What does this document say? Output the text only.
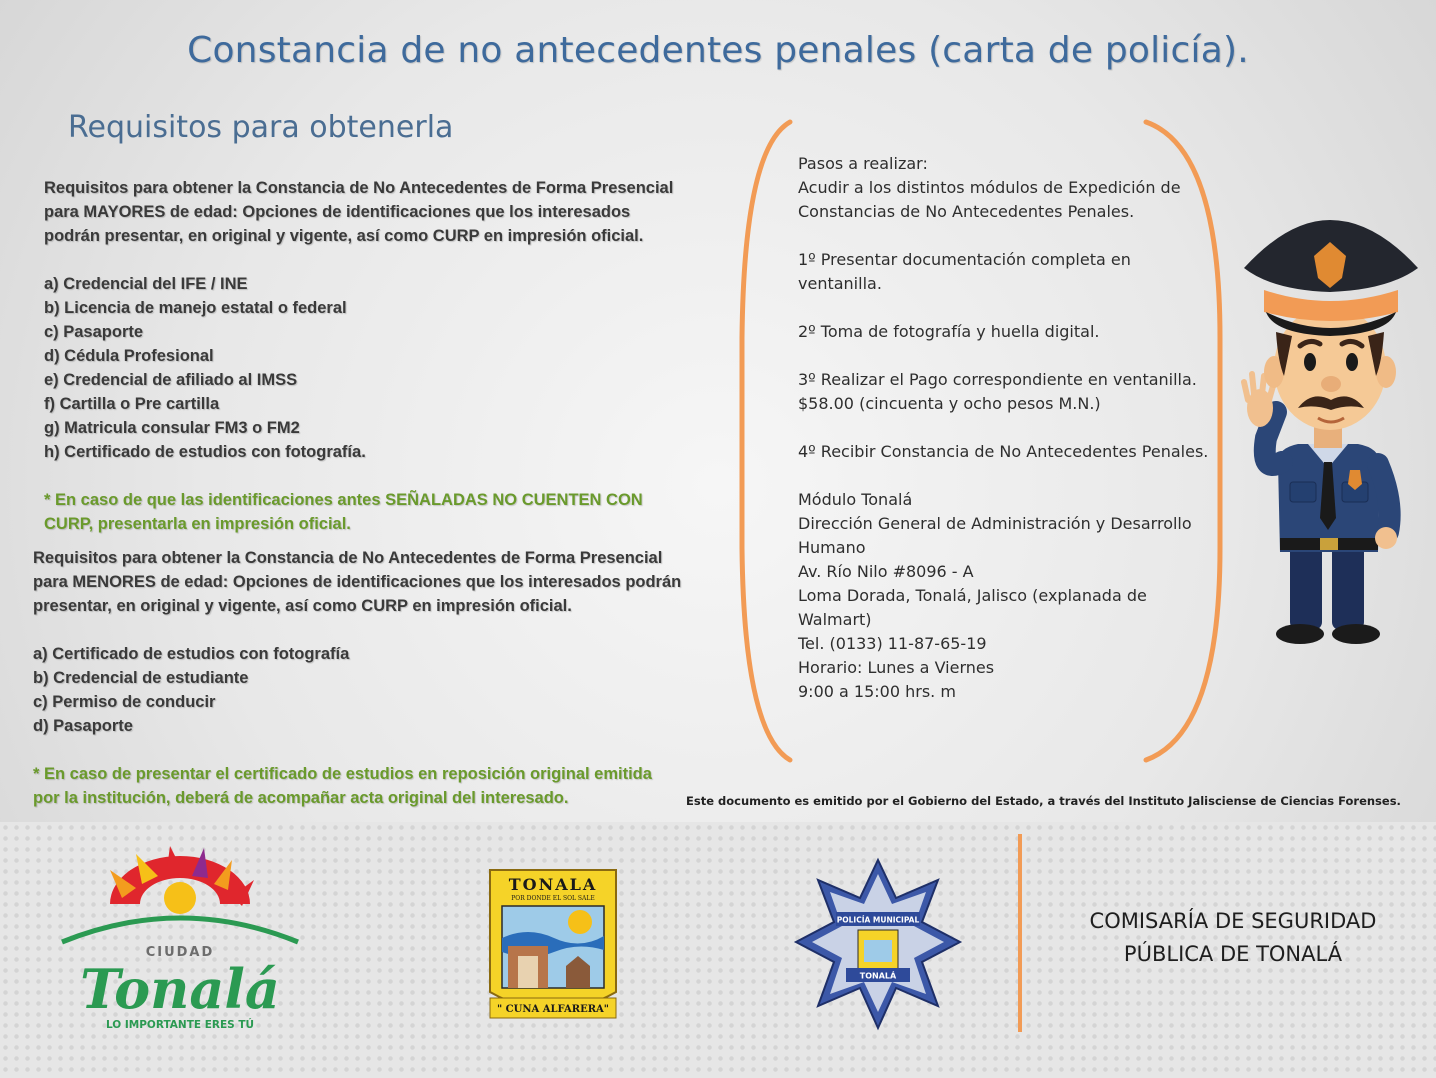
Constancia de no antecedentes penales (carta de policía).
Requisitos para obtenerla

Requisitos para obtener la Constancia de No Antecedentes de Forma Presencial

para MAYORES de edad: Opciones de identificaciones que los interesados

podrán presentar, en original y vigente, así como CURP en impresión oficial.

a) Credencial del IFE / INE

b) Licencia de manejo estatal o federal

c) Pasaporte

d) Cédula Profesional

e) Credencial de afiliado al IMSS

f) Cartilla o Pre cartilla

g) Matricula consular FM3 o FM2

h) Certificado de estudios con fotografía.

* En caso de que las identificaciones antes SEÑALADAS NO CUENTEN CON

CURP, presentarla en impresión oficial.

Requisitos para obtener la Constancia de No Antecedentes de Forma Presencial

para MENORES de edad: Opciones de identificaciones que los interesados podrán

presentar, en original y vigente, así como CURP en impresión oficial.

a) Certificado de estudios con fotografía

b) Credencial de estudiante

c) Permiso de conducir

d) Pasaporte

* En caso de presentar el certificado de estudios en reposición original emitida

por la institución, deberá de acompañar acta original del interesado.

Pasos a realizar:

Acudir a los distintos módulos de Expedición de

Constancias de No Antecedentes Penales.

1º Presentar documentación completa en

ventanilla.

2º Toma de fotografía y huella digital.

3º Realizar el Pago correspondiente en ventanilla.

$58.00 (cincuenta y ocho pesos M.N.)

4º Recibir Constancia de No Antecedentes Penales.

Módulo Tonalá

Dirección General de Administración y Desarrollo

Humano

Av. Río Nilo #8096 - A

Loma Dorada, Tonalá, Jalisco (explanada de

Walmart)

Tel. (0133) 11-87-65-19

Horario: Lunes a Viernes

9:00 a 15:00 hrs. m

Este documento es emitido por el Gobierno del Estado, a través del Instituto Jalisciense de Ciencias Forenses.
CIUDAD
Tonalá
LO IMPORTANTE ERES TÚ
TONALA
POR DONDE EL SOL SALE
" CUNA ALFARERA"
POLICÍA MUNICIPAL
TONALÁ

COMISARÍA DE SEGURIDAD

PÚBLICA DE TONALÁ
